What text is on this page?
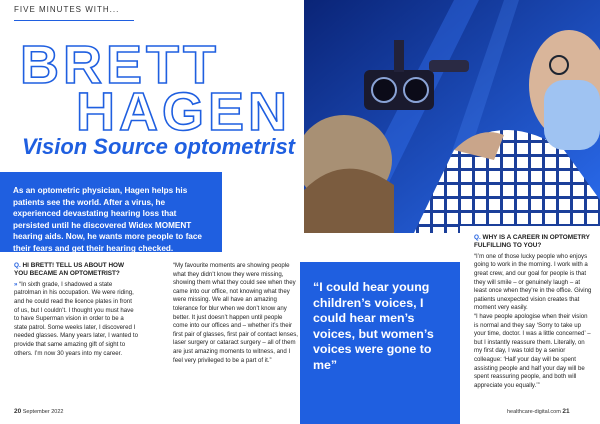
FIVE MINUTES WITH...
BRETT
HAGEN
Vision Source optometrist
As an optometric physician, Hagen helps his patients see the world. After a virus, he experienced devastating hearing loss that persisted until he discovered Widex MOMENT hearing aids. Now, he wants more people to face their fears and get their hearing checked.
Q. HI BRETT! TELL US ABOUT HOW YOU BECAME AN OPTOMETRIST?
» “In sixth grade, I shadowed a state patrolman in his occupation. We were riding, and he could read the licence plates in front of us, but I couldn’t. I thought you must have to have Superman vision in order to be a state patrol. Some weeks later, I discovered I needed glasses. Many years later, I wanted to provide that same amazing gift of sight to others. I’m now 30 years into my career.
“My favourite moments are showing people what they didn’t know they were missing, showing them what they could see when they came into our office, not knowing what they were missing. We all have an amazing tolerance for blur when we don’t know any better. It just doesn’t happen until people come into our offices and – whether it’s their first pair of glasses, first pair of contact lenses, laser surgery or cataract surgery – all of them are just amazing moments to witness, and I feel very privileged to be a part of it.”
“I could hear young children’s voices, I could hear men’s voices, but women’s voices were gone to me”
Q. WHY IS A CAREER IN OPTOMETRY FULFILLING TO YOU?
“I’m one of those lucky people who enjoys going to work in the morning. I work with a great crew, and our goal for people is that they will smile – or genuinely laugh – at least once when they’re in the office. Giving patients unexpected vision creates that moment very easily.
“I have people apologise when their vision is normal and they say ‘Sorry to take up your time, doctor. I was a little concerned’ – but I instantly reassure them. Literally, on my first day, I was told by a senior colleague: ‘Half your day will be spent assisting people and half your day will be spent reassuring people, and both will appreciate you equally.’”
20 September 2022	healthcare-digital.com 21
